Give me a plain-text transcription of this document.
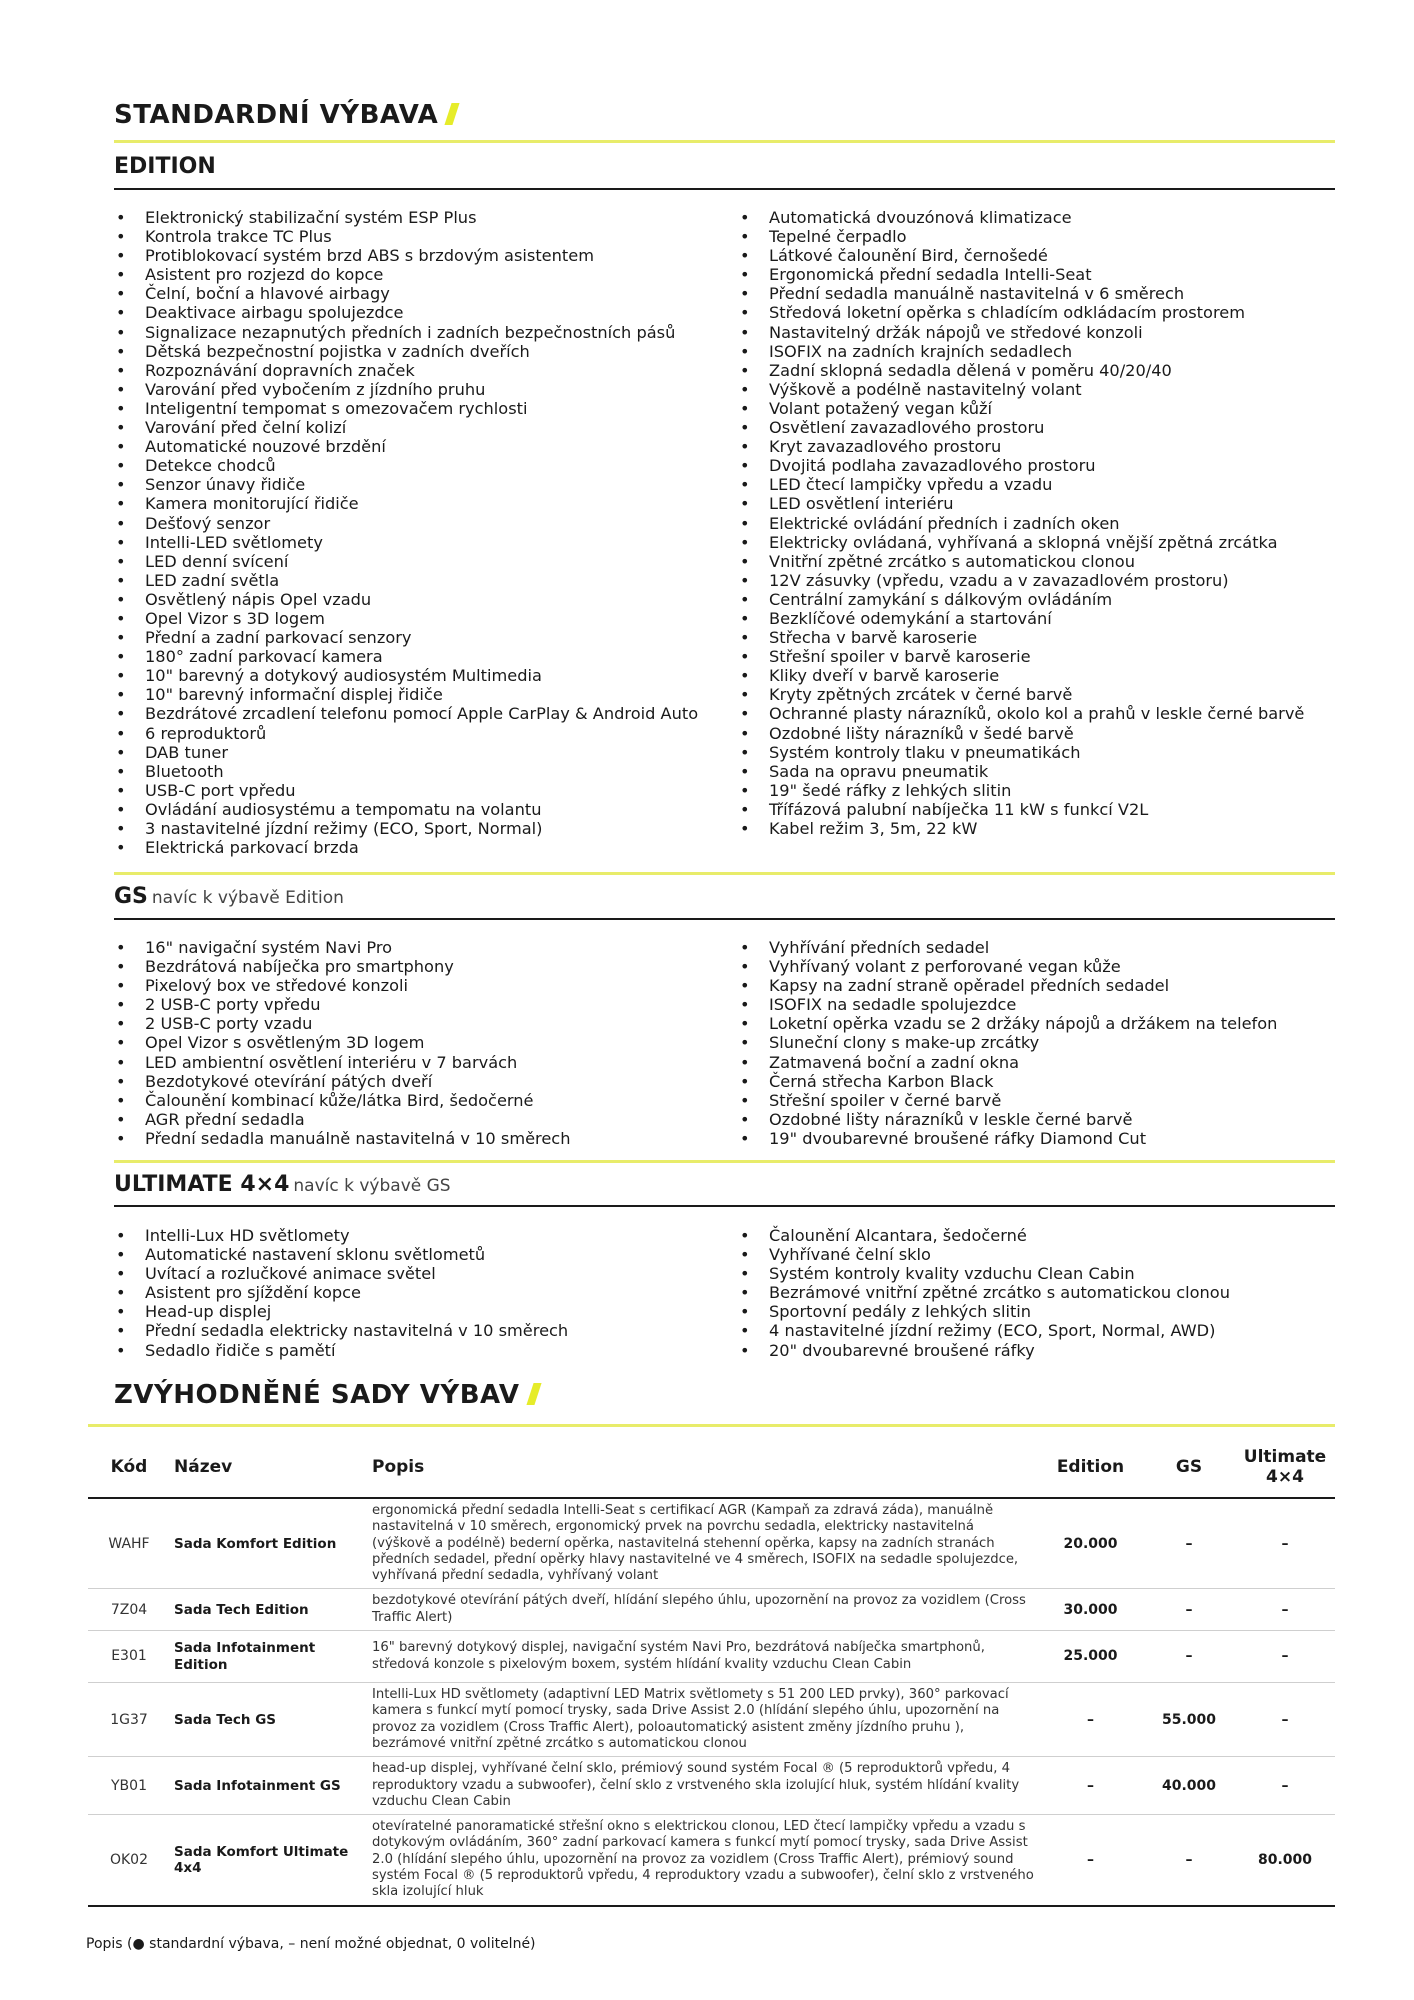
STANDARDNÍ VÝBAVA
EDITION
• Elektronický stabilizační systém ESP Plus
• Kontrola trakce TC Plus
• Protiblokovací systém brzd ABS s brzdovým asistentem
• Asistent pro rozjezd do kopce
• Čelní, boční a hlavové airbagy
• Deaktivace airbagu spolujezdce
• Signalizace nezapnutých předních i zadních bezpečnostních pásů
• Dětská bezpečnostní pojistka v zadních dveřích
• Rozpoznávání dopravních značek
• Varování před vybočením z jízdního pruhu
• Inteligentní tempomat s omezovačem rychlosti
• Varování před čelní kolizí
• Automatické nouzové brzdění
• Detekce chodců
• Senzor únavy řidiče
• Kamera monitorující řidiče
• Dešťový senzor
• Intelli-LED světlomety
• LED denní svícení
• LED zadní světla
• Osvětlený nápis Opel vzadu
• Opel Vizor s 3D logem
• Přední a zadní parkovací senzory
• 180° zadní parkovací kamera
• 10" barevný a dotykový audiosystém Multimedia
• 10" barevný informační displej řidiče
• Bezdrátové zrcadlení telefonu pomocí Apple CarPlay & Android Auto
• 6 reproduktorů
• DAB tuner
• Bluetooth
• USB-C port vpředu
• Ovládání audiosystému a tempomatu na volantu
• 3 nastavitelné jízdní režimy (ECO, Sport, Normal)
• Elektrická parkovací brzda
• Automatická dvouzónová klimatizace
• Tepelné čerpadlo
• Látkové čalounění Bird, černošedé
• Ergonomická přední sedadla Intelli-Seat
• Přední sedadla manuálně nastavitelná v 6 směrech
• Středová loketní opěrka s chladícím odkládacím prostorem
• Nastavitelný držák nápojů ve středové konzoli
• ISOFIX na zadních krajních sedadlech
• Zadní sklopná sedadla dělená v poměru 40/20/40
• Výškově a podélně nastavitelný volant
• Volant potažený vegan kůží
• Osvětlení zavazadlového prostoru
• Kryt zavazadlového prostoru
• Dvojitá podlaha zavazadlového prostoru
• LED čtecí lampičky vpředu a vzadu
• LED osvětlení interiéru
• Elektrické ovládání předních i zadních oken
• Elektricky ovládaná, vyhřívaná a sklopná vnější zpětná zrcátka
• Vnitřní zpětné zrcátko s automatickou clonou
• 12V zásuvky (vpředu, vzadu a v zavazadlovém prostoru)
• Centrální zamykání s dálkovým ovládáním
• Bezklíčové odemykání a startování
• Střecha v barvě karoserie
• Střešní spoiler v barvě karoserie
• Kliky dveří v barvě karoserie
• Kryty zpětných zrcátek v černé barvě
• Ochranné plasty nárazníků, okolo kol a prahů v leskle černé barvě
• Ozdobné lišty nárazníků v šedé barvě
• Systém kontroly tlaku v pneumatikách
• Sada na opravu pneumatik
• 19" šedé ráfky z lehkých slitin
• Třífázová palubní nabíječka 11 kW s funkcí V2L
• Kabel režim 3, 5m, 22 kW
GS navíc k výbavě Edition
• 16" navigační systém Navi Pro
• Bezdrátová nabíječka pro smartphony
• Pixelový box ve středové konzoli
• 2 USB-C porty vpředu
• 2 USB-C porty vzadu
• Opel Vizor s osvětleným 3D logem
• LED ambientní osvětlení interiéru v 7 barvách
• Bezdotykové otevírání pátých dveří
• Čalounění kombinací kůže/látka Bird, šedočerné
• AGR přední sedadla
• Přední sedadla manuálně nastavitelná v 10 směrech
• Vyhřívání předních sedadel
• Vyhřívaný volant z perforované vegan kůže
• Kapsy na zadní straně opěradel předních sedadel
• ISOFIX na sedadle spolujezdce
• Loketní opěrka vzadu se 2 držáky nápojů a držákem na telefon
• Sluneční clony s make-up zrcátky
• Zatmavená boční a zadní okna
• Černá střecha Karbon Black
• Střešní spoiler v černé barvě
• Ozdobné lišty nárazníků v leskle černé barvě
• 19" dvoubarevné broušené ráfky Diamond Cut
ULTIMATE 4×4 navíc k výbavě GS
• Intelli-Lux HD světlomety
• Automatické nastavení sklonu světlometů
• Uvítací a rozlučkové animace světel
• Asistent pro sjíždění kopce
• Head-up displej
• Přední sedadla elektricky nastavitelná v 10 směrech
• Sedadlo řidiče s pamětí
• Čalounění Alcantara, šedočerné
• Vyhřívané čelní sklo
• Systém kontroly kvality vzduchu Clean Cabin
• Bezrámové vnitřní zpětné zrcátko s automatickou clonou
• Sportovní pedály z lehkých slitin
• 4 nastavitelné jízdní režimy (ECO, Sport, Normal, AWD)
• 20" dvoubarevné broušené ráfky
ZVÝHODNĚNÉ SADY VÝBAV
Kód	Název	Popis	Edition	GS	Ultimate 4×4
WAHF	Sada Komfort Edition	ergonomická přední sedadla Intelli-Seat s certifikací AGR (Kampaň za zdravá záda), manuálně nastavitelná v 10 směrech, ergonomický prvek na povrchu sedadla, elektricky nastavitelná (výškově a podélně) bederní opěrka, nastavitelná stehenní opěrka, kapsy na zadních stranách předních sedadel, přední opěrky hlavy nastavitelné ve 4 směrech, ISOFIX na sedadle spolujezdce, vyhřívaná přední sedadla, vyhřívaný volant	20.000	–	–
7Z04	Sada Tech Edition	bezdotykové otevírání pátých dveří, hlídání slepého úhlu, upozornění na provoz za vozidlem (Cross Traffic Alert)	30.000	–	–
E301	Sada Infotainment Edition	16" barevný dotykový displej, navigační systém Navi Pro, bezdrátová nabíječka smartphonů, středová konzole s pixelovým boxem, systém hlídání kvality vzduchu Clean Cabin	25.000	–	–
1G37	Sada Tech GS	Intelli-Lux HD světlomety (adaptivní LED Matrix světlomety s 51 200 LED prvky), 360° parkovací kamera s funkcí mytí pomocí trysky, sada Drive Assist 2.0 (hlídání slepého úhlu, upozornění na provoz za vozidlem (Cross Traffic Alert), poloautomatický asistent změny jízdního pruhu ), bezrámové vnitřní zpětné zrcátko s automatickou clonou	–	55.000	–
YB01	Sada Infotainment GS	head-up displej, vyhřívané čelní sklo, prémiový sound systém Focal ® (5 reproduktorů vpředu, 4 reproduktory vzadu a subwoofer), čelní sklo z vrstveného skla izolující hluk, systém hlídání kvality vzduchu Clean Cabin	–	40.000	–
OK02	Sada Komfort Ultimate 4x4	otevíratelné panoramatické střešní okno s elektrickou clonou, LED čtecí lampičky vpředu a vzadu s dotykovým ovládáním, 360° zadní parkovací kamera s funkcí mytí pomocí trysky, sada Drive Assist 2.0 (hlídání slepého úhlu, upozornění na provoz za vozidlem (Cross Traffic Alert), prémiový sound systém Focal ® (5 reproduktorů vpředu, 4 reproduktory vzadu a subwoofer), čelní sklo z vrstveného skla izolující hluk	–	–	80.000
Popis (● standardní výbava, – není možné objednat, 0 volitelné)
